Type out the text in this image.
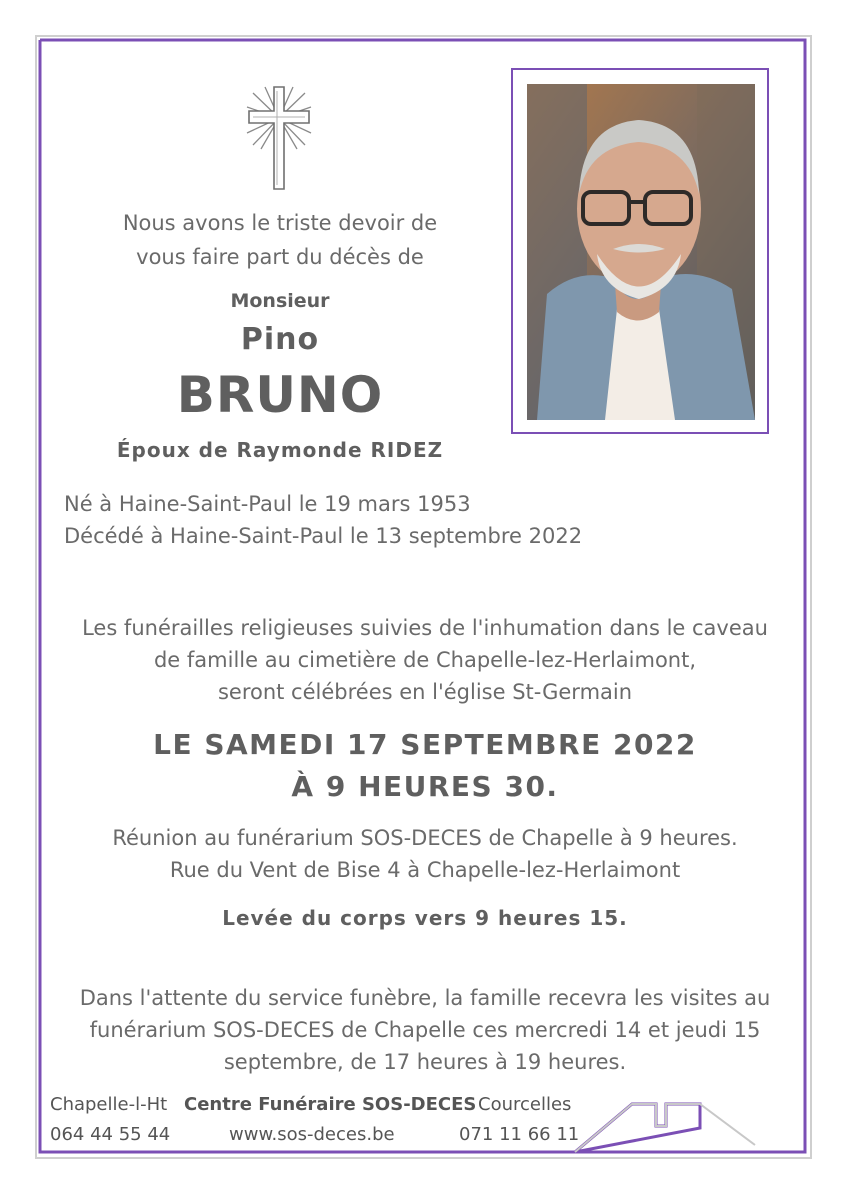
Nous avons le triste devoir de
vous faire part du décès de
Monsieur
Pino
BRUNO
Époux de Raymonde RIDEZ
Né à Haine-Saint-Paul le 19 mars 1953
Décédé à Haine-Saint-Paul le 13 septembre 2022
Les funérailles religieuses suivies de l'inhumation dans le caveau
de famille au cimetière de Chapelle-lez-Herlaimont,
seront célébrées en l'église St-Germain
LE SAMEDI 17 SEPTEMBRE 2022
À 9 HEURES 30.
Réunion au funérarium SOS-DECES de Chapelle à 9 heures.
Rue du Vent de Bise 4 à Chapelle-lez-Herlaimont
Levée du corps vers 9 heures 15.
Dans l'attente du service funèbre, la famille recevra les visites au
funérarium SOS-DECES de Chapelle ces mercredi 14 et jeudi 15
septembre, de 17 heures à 19 heures.
Chapelle-l-Ht
064 44 55 44
Centre Funéraire SOS-DECES
www.sos-deces.be
Courcelles
071 11 66 11
